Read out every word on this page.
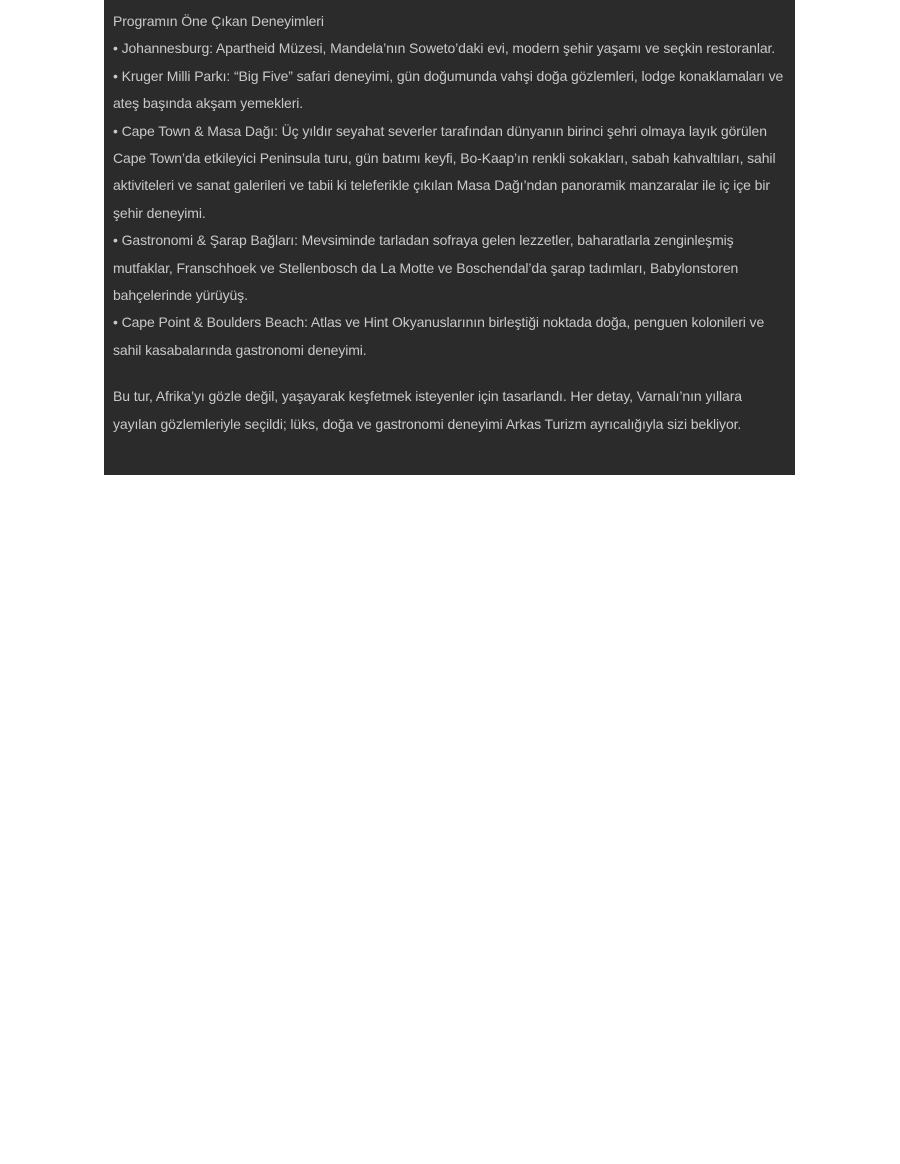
Programın Öne Çıkan Deneyimleri

• Johannesburg: Apartheid Müzesi, Mandela’nın Soweto’daki evi, modern şehir yaşamı ve seçkin restoranlar.

• Kruger Milli Parkı: “Big Five” safari deneyimi, gün doğumunda vahşi doğa gözlemleri, lodge konaklamaları ve ateş başında akşam yemekleri.

• Cape Town & Masa Dağı: Üç yıldır seyahat severler tarafından dünyanın birinci şehri olmaya layık görülen Cape Town’da etkileyici Peninsula turu, gün batımı keyfi, Bo-Kaap’ın renkli sokakları, sabah kahvaltıları, sahil aktiviteleri ve sanat galerileri ve tabii ki teleferikle çıkılan Masa Dağı’ndan panoramik manzaralar ile iç içe bir şehir deneyimi.

• Gastronomi & Şarap Bağları: Mevsiminde tarladan sofraya gelen lezzetler, baharatlarla zenginleşmiş mutfaklar, Franschhoek ve Stellenbosch da La Motte ve Boschendal’da şarap tadımları, Babylonstoren bahçelerinde yürüyüş.

• Cape Point & Boulders Beach: Atlas ve Hint Okyanuslarının birleştiği noktada doğa, penguen kolonileri ve sahil kasabalarında gastronomi deneyimi.

Bu tur, Afrika’yı gözle değil, yaşayarak keşfetmek isteyenler için tasarlandı. Her detay, Varnalı’nın yıllara yayılan gözlemleriyle seçildi; lüks, doğa ve gastronomi deneyimi Arkas Turizm ayrıcalığıyla sizi bekliyor.
